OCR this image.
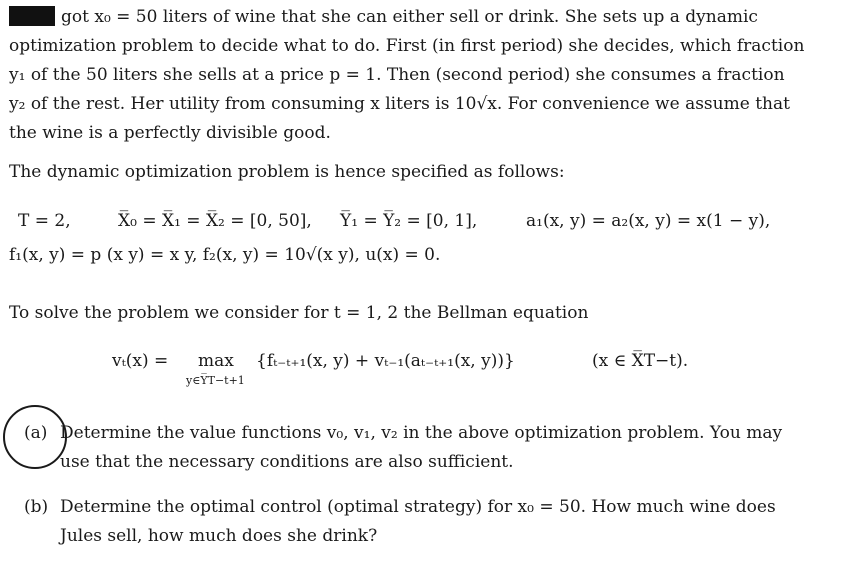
got x₀ = 50 liters of wine that she can either sell or drink. She sets up a dynamic
optimization problem to decide what to do. First (in first period) she decides, which fraction
y₁ of the 50 liters she sells at a price p = 1. Then (second period) she consumes a fraction
y₂ of the rest. Her utility from consuming x liters is 10√x. For convenience we assume that
the wine is a perfectly divisible good.
The dynamic optimization problem is hence specified as follows:
T = 2,	X̅₀ = X̅₁ = X̅₂ = [0, 50], Y̅₁ = Y̅₂ = [0, 1],	a₁(x, y) = a₂(x, y) = x(1 − y),
f₁(x, y) = p (x y) = x y, f₂(x, y) = 10√(x y), u(x) = 0.
To solve the problem we consider for t = 1, 2 the Bellman equation
vₜ(x) = max
y∈Y̅T−t+1
{fₜ₋ₜ₊₁(x, y) + vₜ₋₁(aₜ₋ₜ₊₁(x, y))}	(x ∈ X̅T−t).
(a) Determine the value functions v₀, v₁, v₂ in the above optimization problem. You may
use that the necessary conditions are also sufficient.
(b) Determine the optimal control (optimal strategy) for x₀ = 50. How much wine does
Jules sell, how much does she drink?
